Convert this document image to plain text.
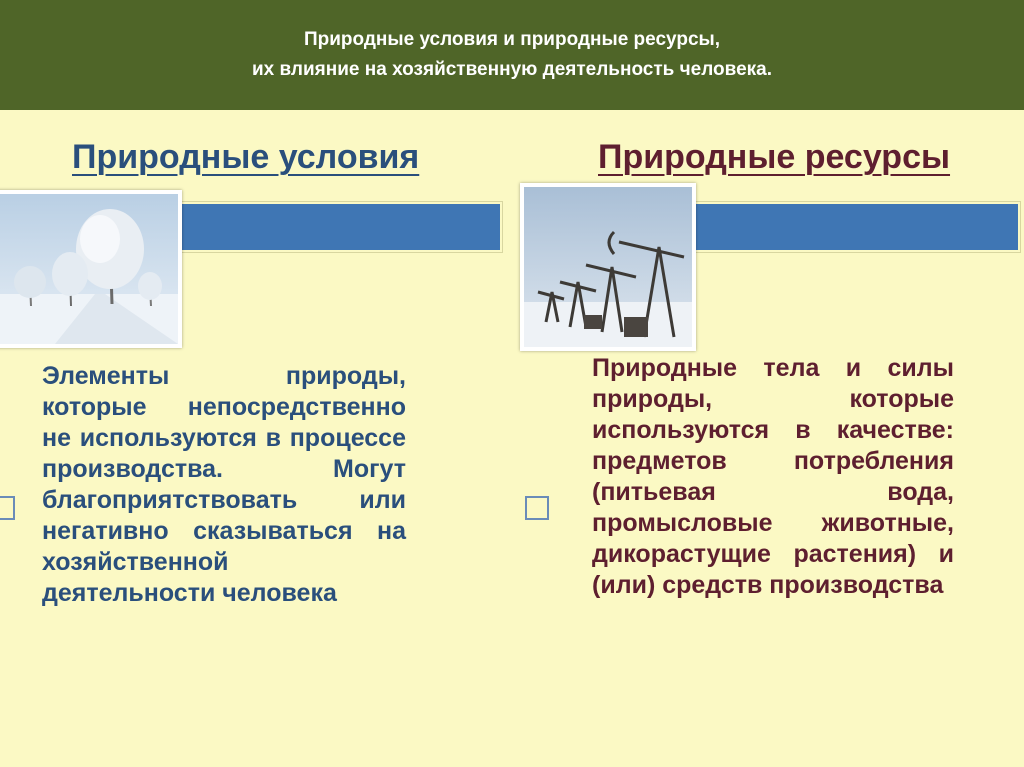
Природные условия и природные ресурсы,
их влияние на хозяйственную деятельность человека.
Природные условия	Природные ресурсы
Элементы природы, которые непосредственно не используются в процессе производства. Могут благоприятствовать или негативно сказываться на хозяйственной деятельности человека
Природные тела и силы природы, которые используются в качестве: предметов потребления (питьевая вода, промысловые животные, дикорастущие растения) и (или) средств производства
